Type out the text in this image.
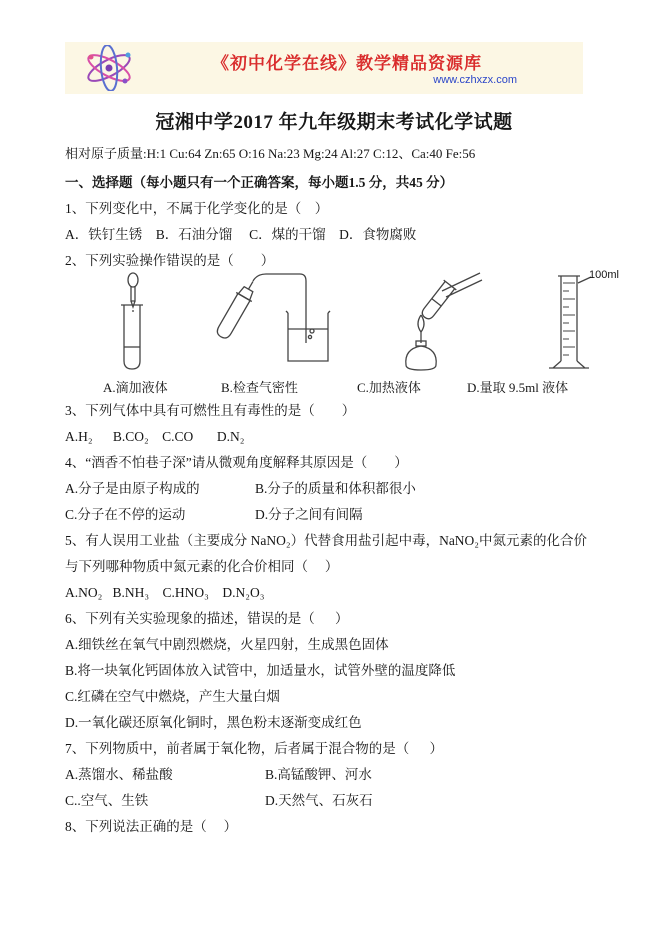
《初中化学在线》教学精品资源库
www.czhxzx.com
冠湘中学2017 年九年级期末考试化学试题
相对原子质量:H:1 Cu:64 Zn:65 O:16 Na:23 Mg:24 Al:27 C:12、Ca:40 Fe:56
一、选择题（每小题只有一个正确答案，每小题1.5 分，共45 分）
1、下列变化中，不属于化学变化的是（    ）
A．铁钉生锈    B．石油分馏     C．煤的干馏    D．食物腐败
2、下列实验操作错误的是（        ）
100ml
A.滴加液体	B.检查气密性	C.加热液体	D.量取 9.5ml 液体
3、下列气体中具有可燃性且有毒性的是（        ）
A.H₂      B.CO₂    C.CO       D.N₂
4、“酒香不怕巷子深”请从微观角度解释其原因是（        ）
A.分子是由原子构成的	B.分子的质量和体积都很小
C.分子在不停的运动	D.分子之间有间隔
5、有人误用工业盐（主要成分 NaNO₂）代替食用盐引起中毒，NaNO₂中氮元素的化合价
与下列哪种物质中氮元素的化合价相同（     ）
A.NO₂   B.NH₃    C.HNO₃    D.N₂O₃
6、下列有关实验现象的描述，错误的是（      ）
A.细铁丝在氧气中剧烈燃烧，火星四射，生成黑色固体
B.将一块氧化钙固体放入试管中，加适量水，试管外壁的温度降低
C.红磷在空气中燃烧，产生大量白烟
D.一氧化碳还原氧化铜时，黑色粉末逐渐变成红色
7、下列物质中，前者属于氧化物，后者属于混合物的是（      ）
A.蒸馏水、稀盐酸	B.高锰酸钾、河水
C..空气、生铁	D.天然气、石灰石
8、下列说法正确的是（     ）
